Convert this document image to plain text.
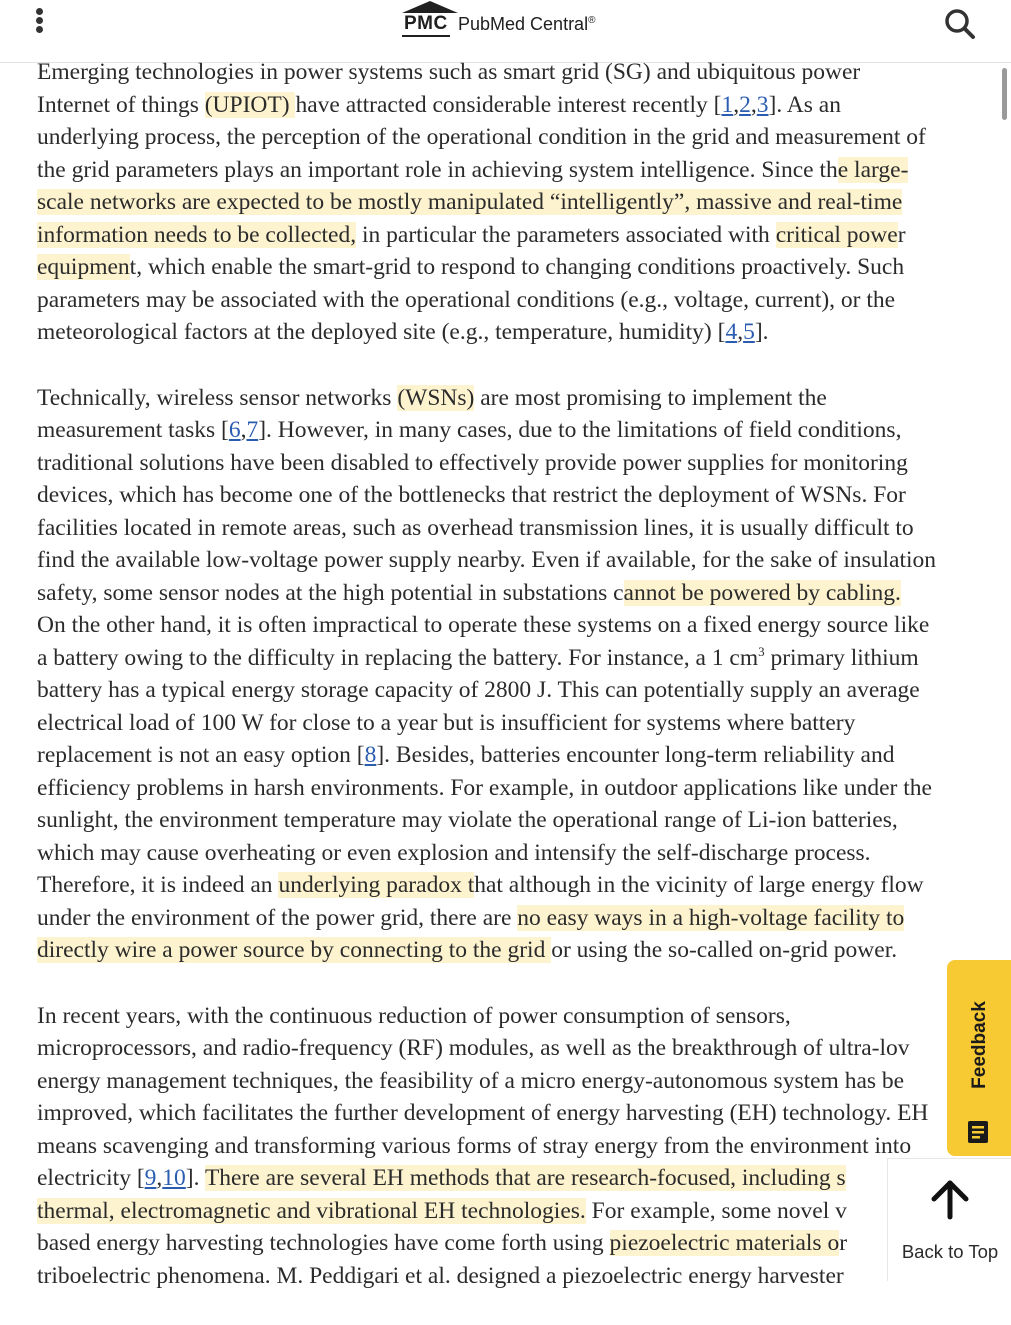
PMC PubMed Central®
Emerging technologies in power systems such as smart grid (SG) and ubiquitous power
Internet of things (UPIOT) have attracted considerable interest recently [1,2,3]. As an
underlying process, the perception of the operational condition in the grid and measurement of
the grid parameters plays an important role in achieving system intelligence. Since the large-
scale networks are expected to be mostly manipulated “intelligently”, massive and real-time
information needs to be collected, in particular the parameters associated with critical power
equipment, which enable the smart-grid to respond to changing conditions proactively. Such
parameters may be associated with the operational conditions (e.g., voltage, current), or the
meteorological factors at the deployed site (e.g., temperature, humidity) [4,5].
Technically, wireless sensor networks (WSNs) are most promising to implement the
measurement tasks [6,7]. However, in many cases, due to the limitations of field conditions,
traditional solutions have been disabled to effectively provide power supplies for monitoring
devices, which has become one of the bottlenecks that restrict the deployment of WSNs. For
facilities located in remote areas, such as overhead transmission lines, it is usually difficult to
find the available low-voltage power supply nearby. Even if available, for the sake of insulation
safety, some sensor nodes at the high potential in substations cannot be powered by cabling.
On the other hand, it is often impractical to operate these systems on a fixed energy source like
a battery owing to the difficulty in replacing the battery. For instance, a 1 $cm^3$ primary lithium
battery has a typical energy storage capacity of 2800 J. This can potentially supply an average
electrical load of 100 W for close to a year but is insufficient for systems where battery
replacement is not an easy option [8]. Besides, batteries encounter long-term reliability and
efficiency problems in harsh environments. For example, in outdoor applications like under the
sunlight, the environment temperature may violate the operational range of Li-ion batteries,
which may cause overheating or even explosion and intensify the self-discharge process.
Therefore, it is indeed an underlying paradox that although in the vicinity of large energy flow
under the environment of the power grid, there are no easy ways in a high-voltage facility to
directly wire a power source by connecting to the grid or using the so-called on-grid power.
In recent years, with the continuous reduction of power consumption of sensors,
microprocessors, and radio-frequency (RF) modules, as well as the breakthrough of ultra-lov
energy management techniques, the feasibility of a micro energy-autonomous system has be
improved, which facilitates the further development of energy harvesting (EH) technology. EH
means scavenging and transforming various forms of stray energy from the environment into
electricity [9,10]. There are several EH methods that are research-focused, including s
thermal, electromagnetic and vibrational EH technologies. For example, some novel v
based energy harvesting technologies have come forth using piezoelectric materials or
triboelectric phenomena. M. Peddigari et al. designed a piezoelectric energy harvester
Feedback
Back to Top
